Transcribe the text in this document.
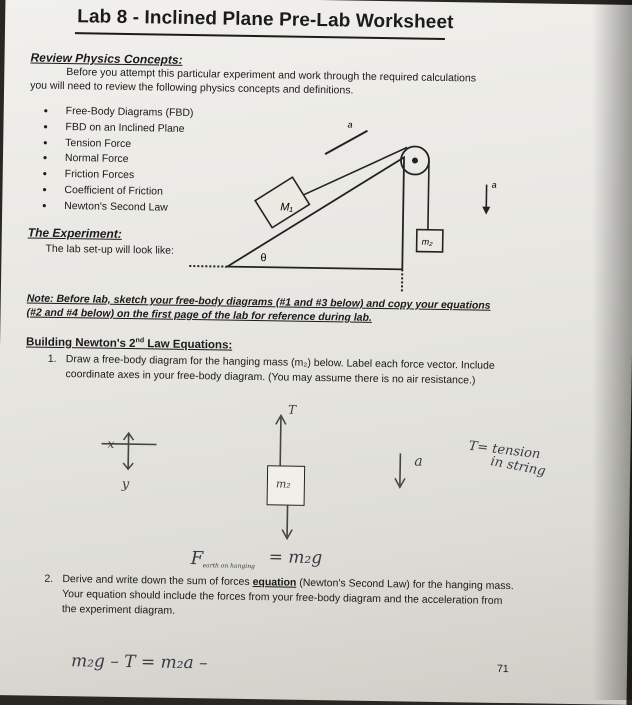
Lab 8 - Inclined Plane Pre-Lab Worksheet
Review Physics Concepts:
Before you attempt this particular experiment and work through the required calculations
you will need to review the following physics concepts and definitions.
• Free-Body Diagrams (FBD)
• FBD on an Inclined Plane
• Tension Force
• Normal Force
• Friction Forces
• Coefficient of Friction
• Newton's Second Law
The Experiment:
The lab set-up will look like:
M₁
m₂
a
a
θ
Note: Before lab, sketch your free-body diagrams (#1 and #3 below) and copy your equations (#2 and #4 below) on the first page of the lab for reference during lab.
Building Newton's 2nd Law Equations:
1. Draw a free-body diagram for the hanging mass (m₂) below. Label each force vector. Include coordinate axes in your free-body diagram. (You may assume there is no air resistance.)
m₂
T
x
y
a	T= tension
in string
F earth on hanging = m₂g
2. Derive and write down the sum of forces equation (Newton's Second Law) for the hanging mass. Your equation should include the forces from your free-body diagram and the acceleration from the experiment diagram.
m₂g – T = m₂a –	71
